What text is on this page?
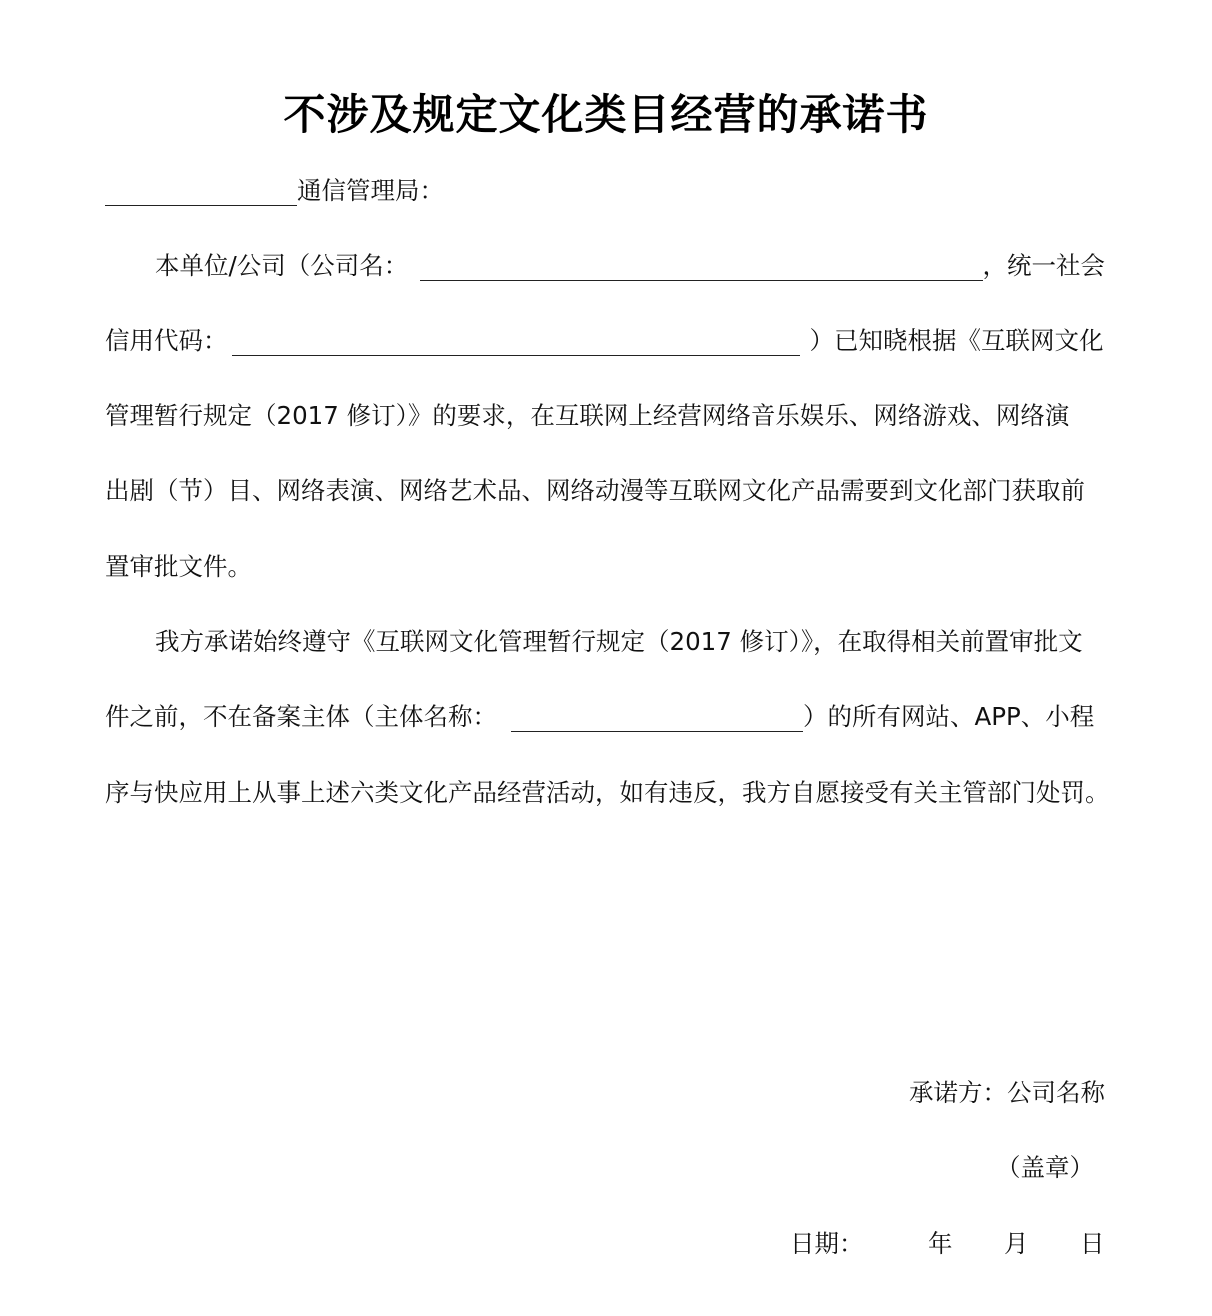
不涉及规定文化类目经营的承诺书
通信管理局：
本单位/公司（公司名：	，统一社会
信用代码：	）已知晓根据《互联网文化
管理暂行规定（2017 修订）》的要求，在互联网上经营网络音乐娱乐、网络游戏、网络演
出剧（节）目、网络表演、网络艺术品、网络动漫等互联网文化产品需要到文化部门获取前
置审批文件。
我方承诺始终遵守《互联网文化管理暂行规定（2017 修订）》，在取得相关前置审批文
件之前，不在备案主体（主体名称：	）的所有网站、APP、小程
序与快应用上从事上述六类文化产品经营活动，如有违反，我方自愿接受有关主管部门处罚。
承诺方：公司名称
（盖章）
日期：	年 月 日
